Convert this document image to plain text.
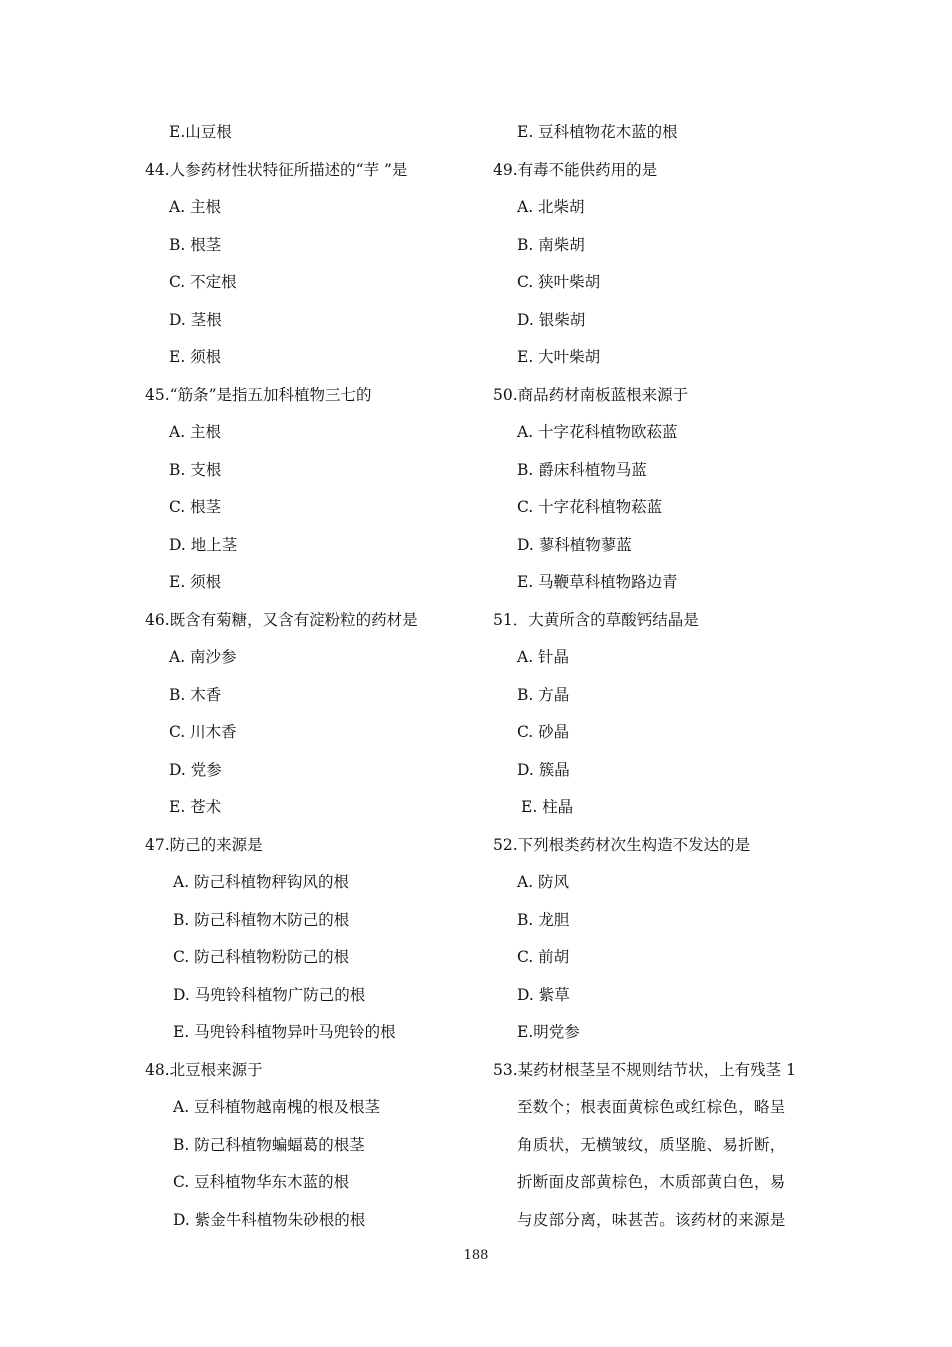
E.山豆根
44.人参药材性状特征所描述的“芋 ”是
A. 主根
B. 根茎
C. 不定根
D. 茎根
E. 须根
45.“筋条”是指五加科植物三七的
A. 主根
B. 支根
C. 根茎
D. 地上茎
E. 须根
46.既含有菊糖，又含有淀粉粒的药材是
A. 南沙参
B. 木香
C. 川木香
D. 党参
E. 苍术
47.防己的来源是
A. 防己科植物秤钩风的根
B. 防己科植物木防己的根
C. 防己科植物粉防己的根
D. 马兜铃科植物广防己的根
E. 马兜铃科植物异叶马兜铃的根
48.北豆根来源于
A. 豆科植物越南槐的根及根茎
B. 防己科植物蝙蝠葛的根茎
C. 豆科植物华东木蓝的根
D. 紫金牛科植物朱砂根的根
E. 豆科植物花木蓝的根
49.有毒不能供药用的是
A. 北柴胡
B. 南柴胡
C. 狭叶柴胡
D. 银柴胡
E. 大叶柴胡
50.商品药材南板蓝根来源于
A. 十字花科植物欧菘蓝
B. 爵床科植物马蓝
C. 十字花科植物菘蓝
D. 蓼科植物蓼蓝
E. 马鞭草科植物路边青
51．大黄所含的草酸钙结晶是
A. 针晶
B. 方晶
C. 砂晶
D. 簇晶
E. 柱晶
52.下列根类药材次生构造不发达的是
A. 防风
B. 龙胆
C. 前胡
D. 紫草
E.明党参
53.某药材根茎呈不规则结节状，上有残茎 1
至数个；根表面黄棕色或红棕色，略呈
角质状，无横皱纹，质坚脆、易折断，
折断面皮部黄棕色，木质部黄白色，易
与皮部分离，味甚苦。该药材的来源是
188
